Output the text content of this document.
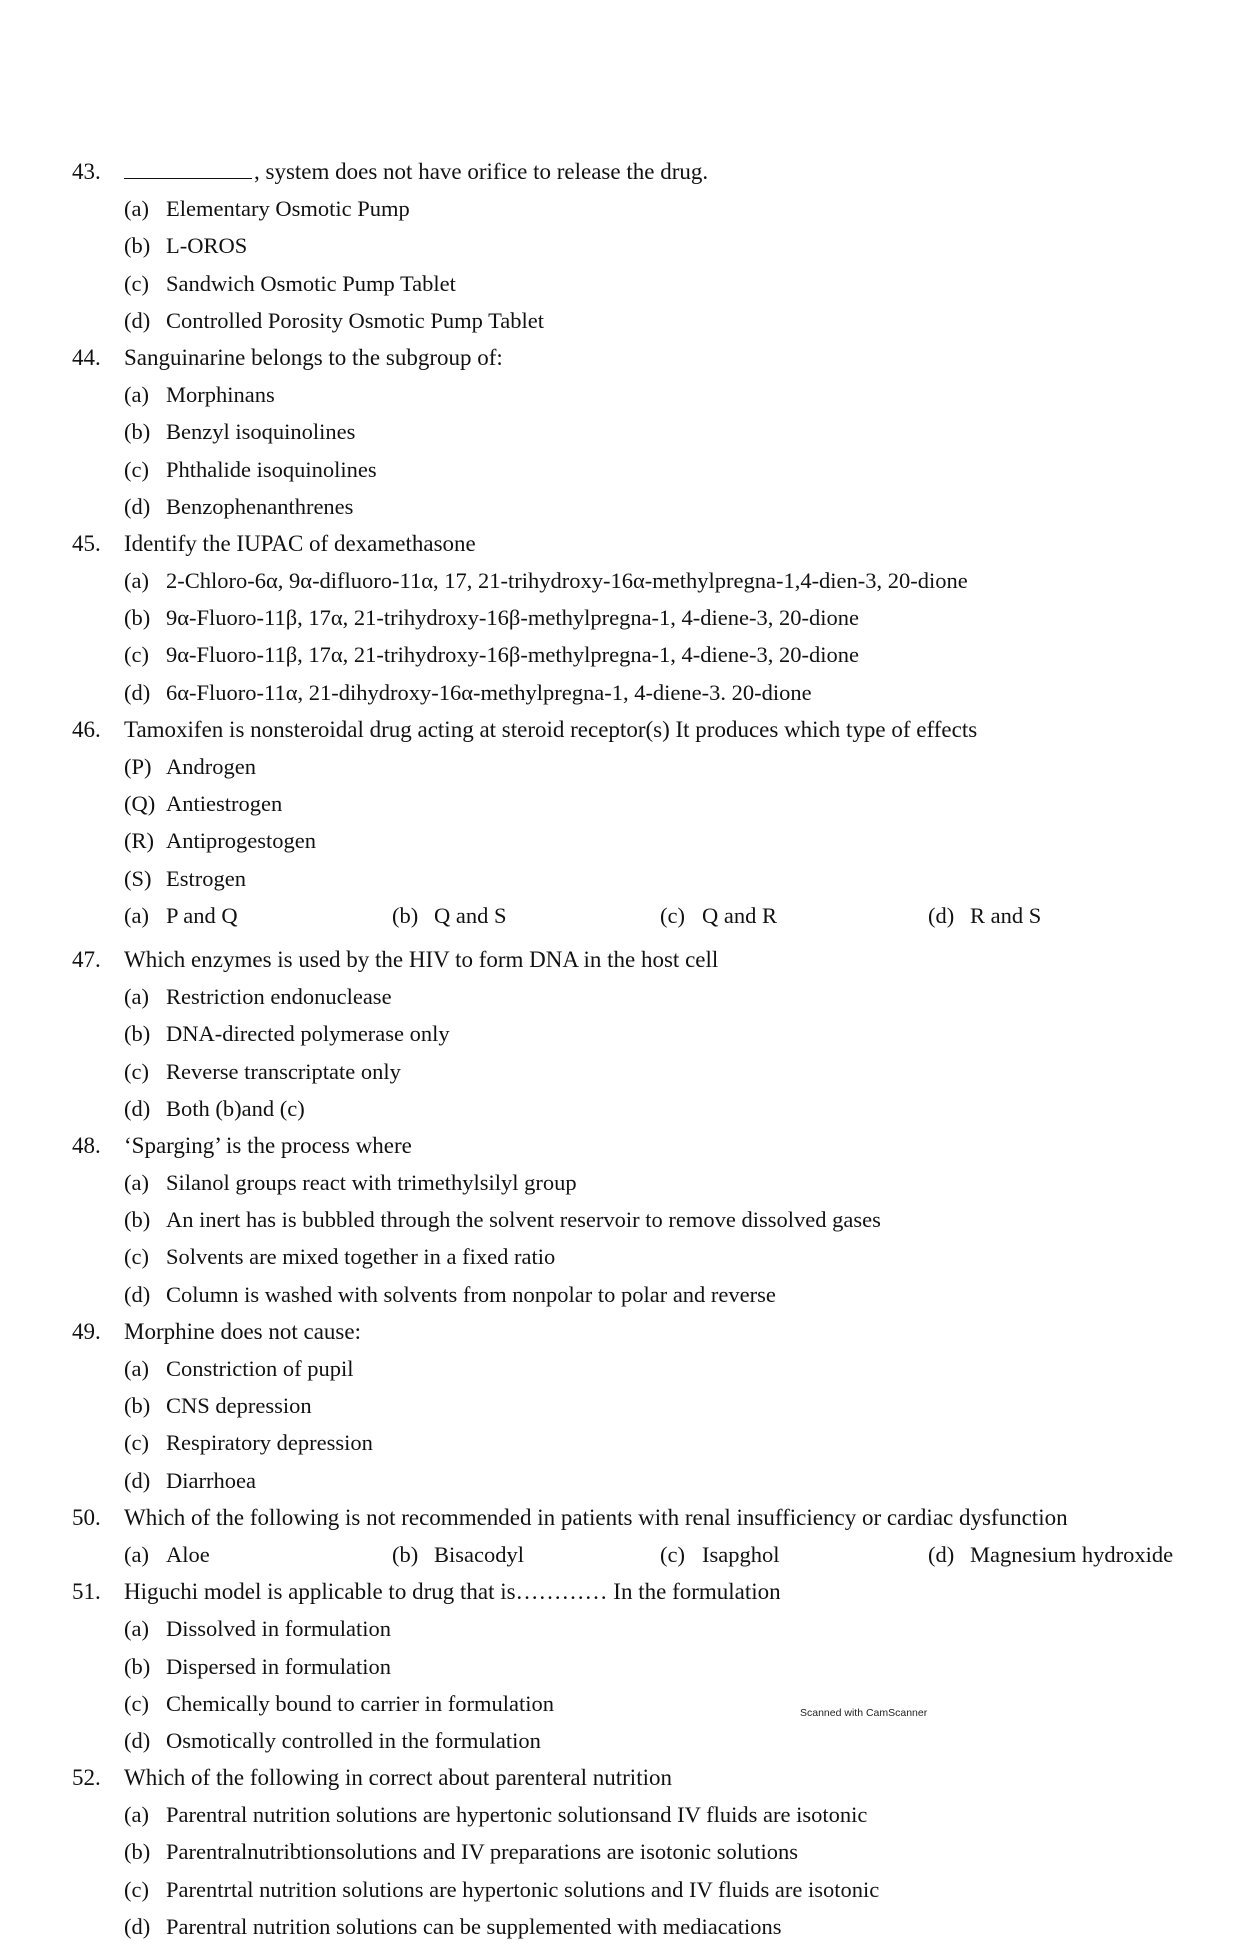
43.	, system does not have orifice to release the drug.
(a) Elementary Osmotic Pump
(b) L-OROS
(c) Sandwich Osmotic Pump Tablet
(d) Controlled Porosity Osmotic Pump Tablet
44.	Sanguinarine belongs to the subgroup of:
(a) Morphinans
(b) Benzyl isoquinolines
(c) Phthalide isoquinolines
(d) Benzophenanthrenes
45.	Identify the IUPAC of dexamethasone
(a) 2-Chloro-6α, 9α-difluoro-11α, 17, 21-trihydroxy-16α-methylpregna-1,4-dien-3, 20-dione
(b) 9α-Fluoro-11β, 17α, 21-trihydroxy-16β-methylpregna-1, 4-diene-3, 20-dione
(c) 9α-Fluoro-11β, 17α, 21-trihydroxy-16β-methylpregna-1, 4-diene-3, 20-dione
(d) 6α-Fluoro-11α, 21-dihydroxy-16α-methylpregna-1, 4-diene-3. 20-dione
46.	Tamoxifen is nonsteroidal drug acting at steroid receptor(s) It produces which type of effects
(P) Androgen
(Q) Antiestrogen
(R) Antiprogestogen
(S) Estrogen
(a) P and Q	(b) Q and S	(c) Q and R	(d) R and S
47.	Which enzymes is used by the HIV to form DNA in the host cell
(a) Restriction endonuclease
(b) DNA-directed polymerase only
(c) Reverse transcriptate only
(d) Both (b)and (c)
48.	‘Sparging’ is the process where
(a) Silanol groups react with trimethylsilyl group
(b) An inert has is bubbled through the solvent reservoir to remove dissolved gases
(c) Solvents are mixed together in a fixed ratio
(d) Column is washed with solvents from nonpolar to polar and reverse
49.	Morphine does not cause:
(a) Constriction of pupil
(b) CNS depression
(c) Respiratory depression
(d) Diarrhoea
50.	Which of the following is not recommended in patients with renal insufficiency or cardiac dysfunction
(a) Aloe	(b) Bisacodyl	(c) Isapghol	(d) Magnesium hydroxide
51.	Higuchi model is applicable to drug that is………… In the formulation
(a) Dissolved in formulation
(b) Dispersed in formulation
(c) Chemically bound to carrier in formulation
(d) Osmotically controlled in the formulation
52.	Which of the following in correct about parenteral nutrition
(a) Parentral nutrition solutions are hypertonic solutionsand IV fluids are isotonic
(b) Parentralnutribtionsolutions and IV preparations are isotonic solutions
(c) Parentrtal nutrition solutions are hypertonic solutions and IV fluids are isotonic
(d) Parentral nutrition solutions can be supplemented with mediacations
Scanned with CamScanner
